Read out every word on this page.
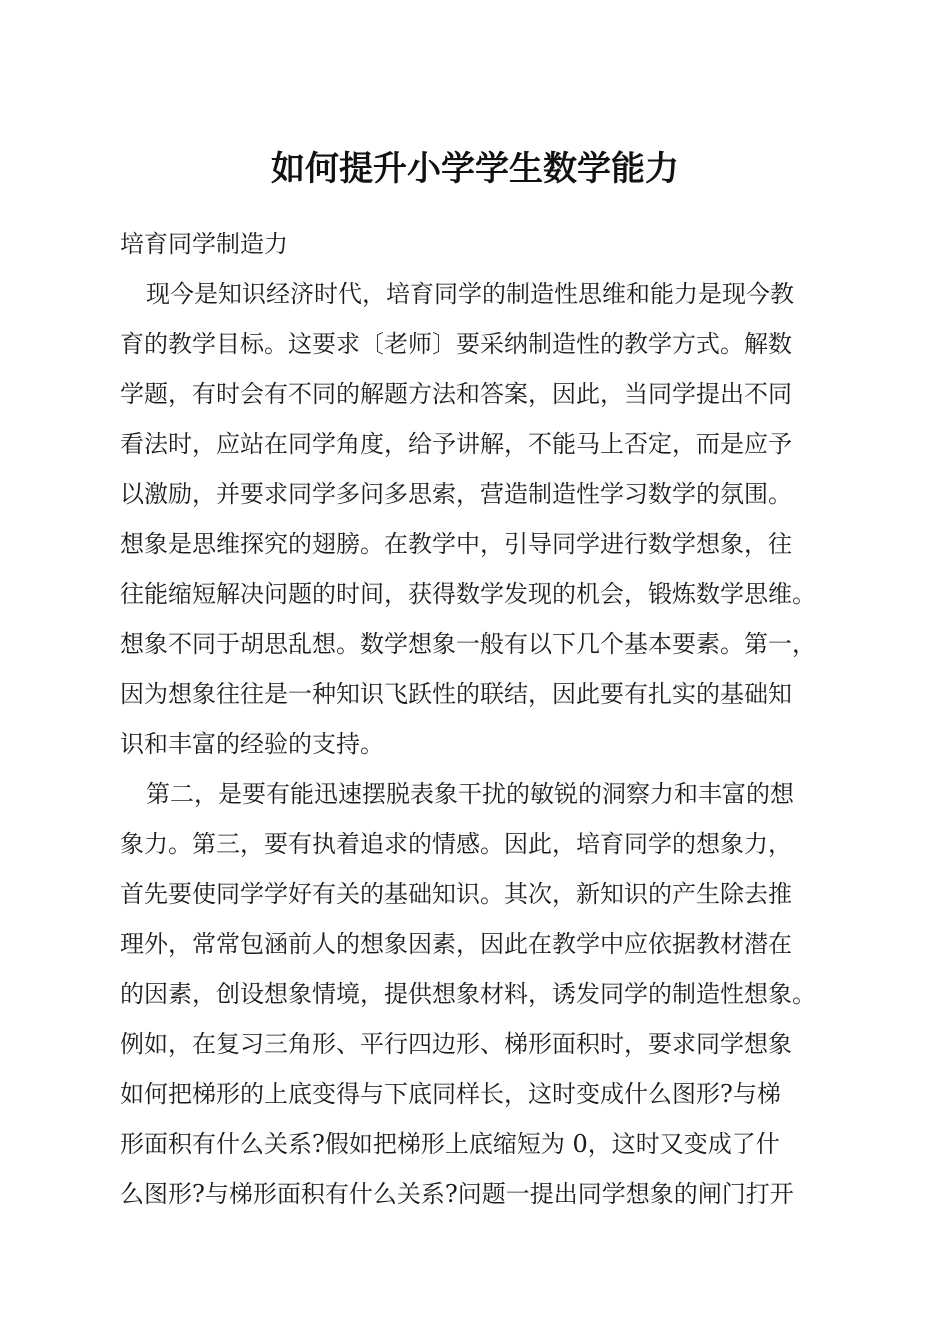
如何提升小学学生数学能力

培育同学制造力

现今是知识经济时代，培育同学的制造性思维和能力是现今教

育的教学目标。这要求〔老师〕要采纳制造性的教学方式。解数

学题，有时会有不同的解题方法和答案，因此，当同学提出不同

看法时，应站在同学角度，给予讲解，不能马上否定，而是应予

以激励，并要求同学多问多思索，营造制造性学习数学的氛围。

想象是思维探究的翅膀。在教学中，引导同学进行数学想象，往

往能缩短解决问题的时间，获得数学发现的机会，锻炼数学思维。

想象不同于胡思乱想。数学想象一般有以下几个基本要素。第一，

因为想象往往是一种知识飞跃性的联结，因此要有扎实的基础知

识和丰富的经验的支持。

第二，是要有能迅速摆脱表象干扰的敏锐的洞察力和丰富的想

象力。第三，要有执着追求的情感。因此，培育同学的想象力，

首先要使同学学好有关的基础知识。其次，新知识的产生除去推

理外，常常包涵前人的想象因素，因此在教学中应依据教材潜在

的因素，创设想象情境，提供想象材料，诱发同学的制造性想象。

例如，在复习三角形、平行四边形、梯形面积时，要求同学想象

如何把梯形的上底变得与下底同样长，这时变成什么图形?与梯

形面积有什么关系?假如把梯形上底缩短为 0，这时又变成了什

么图形?与梯形面积有什么关系?问题一提出同学想象的闸门打开
